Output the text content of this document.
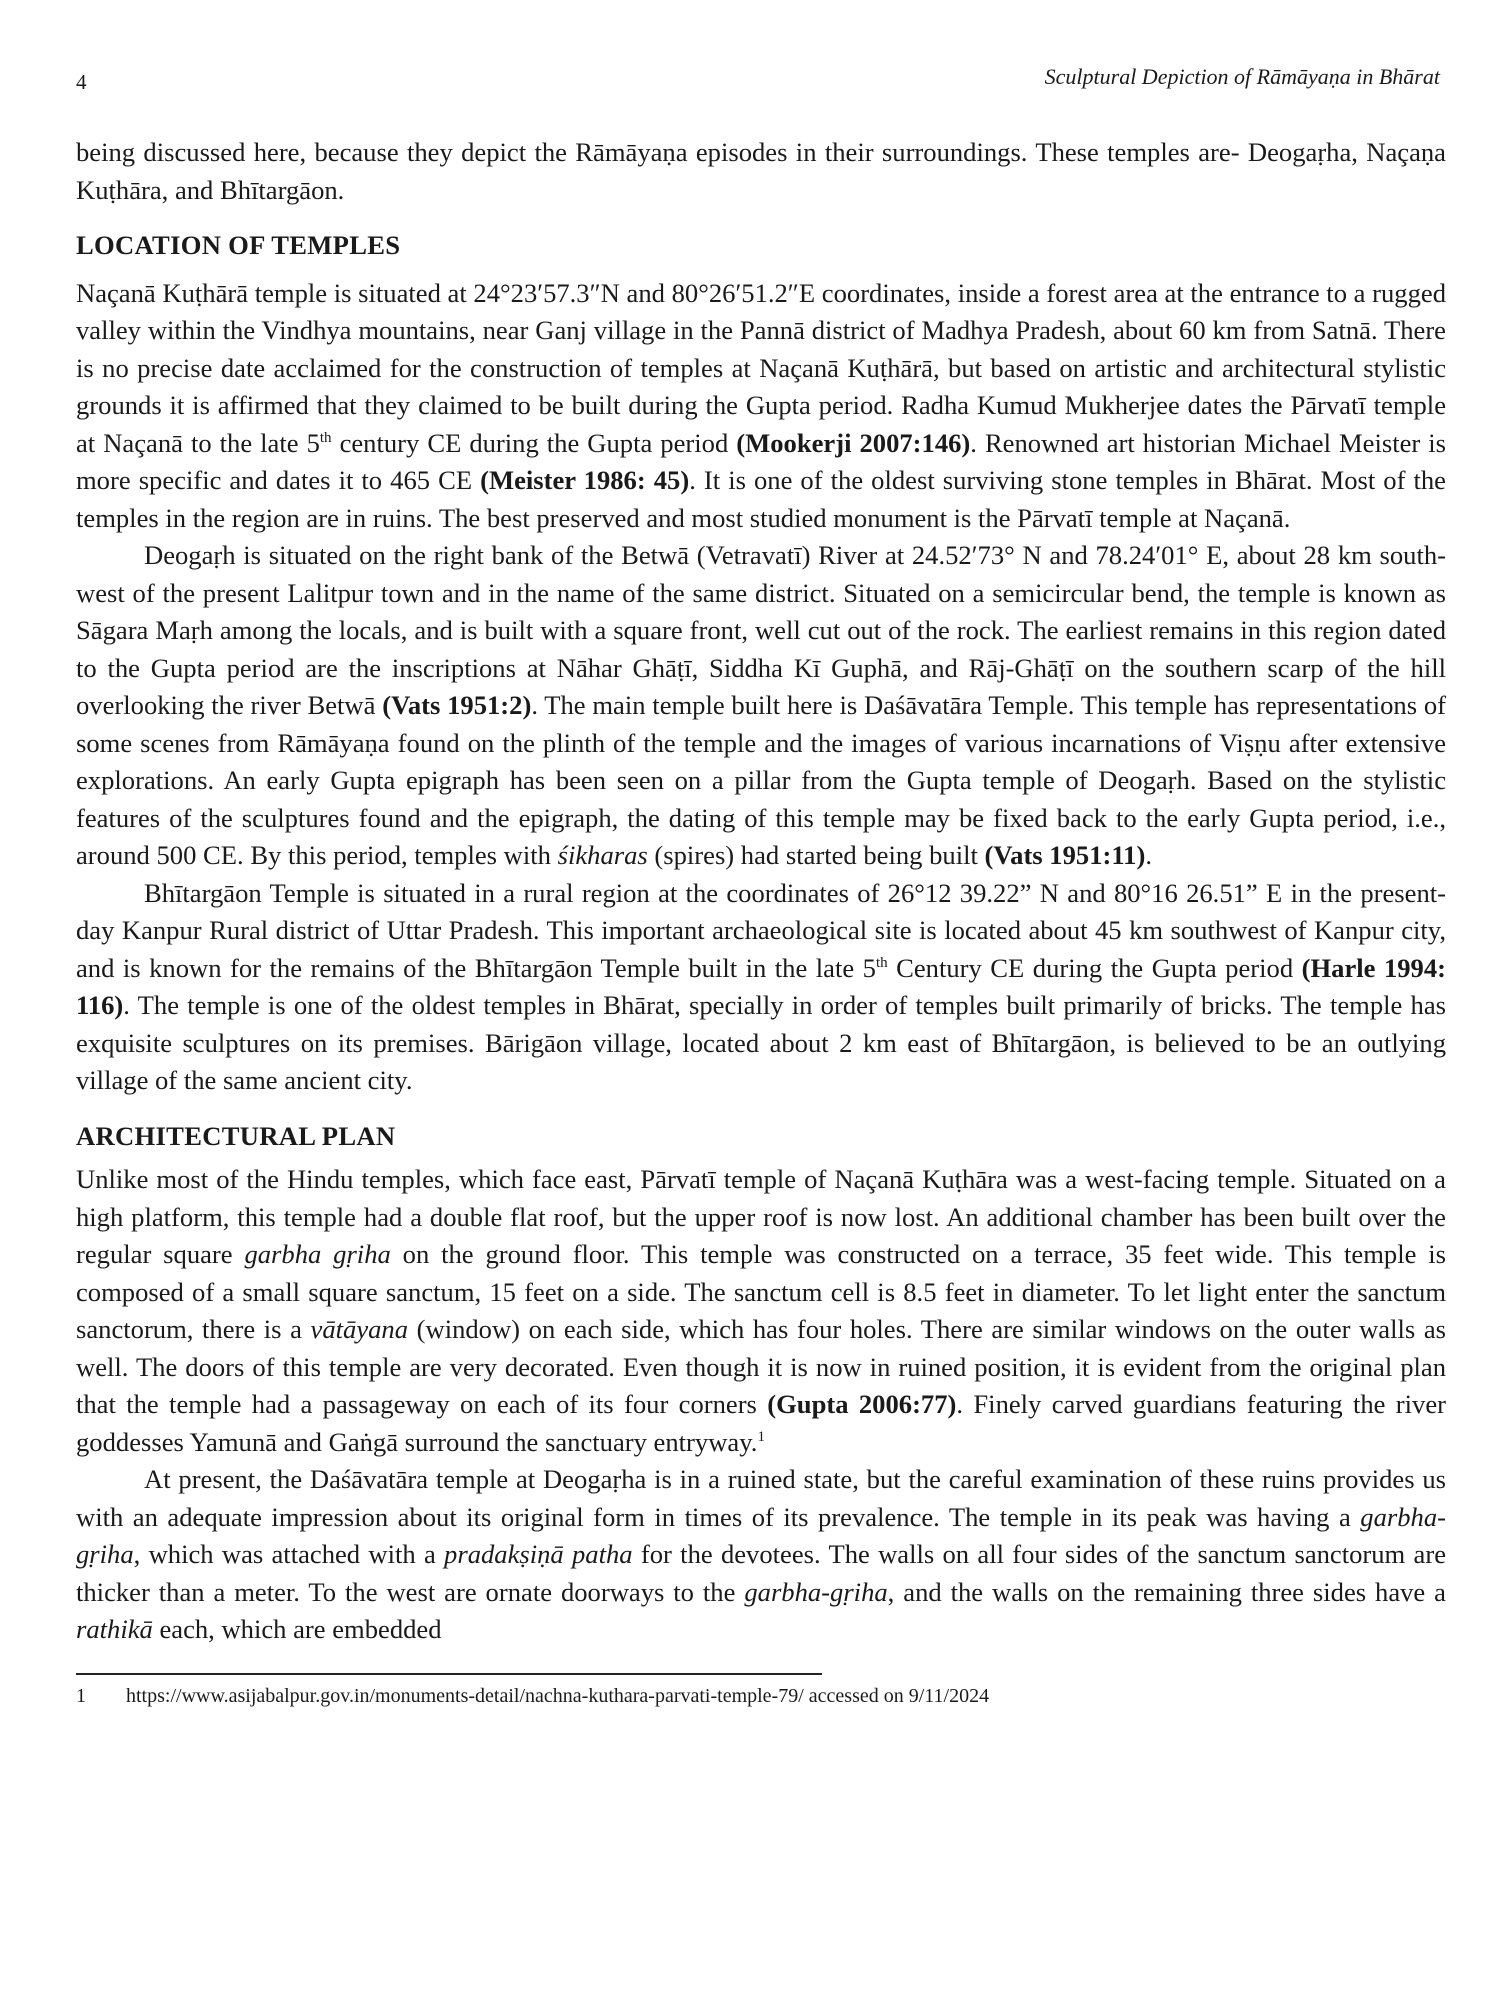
4	Sculptural Depiction of Rāmāyaṇa in Bhārat

being discussed here, because they depict the Rāmāyaṇa episodes in their surroundings. These temples are- Deogaṛha, Naçaṇa Kuṭhāra, and Bhītargāon.

LOCATION OF TEMPLES

Naçanā Kuṭhārā temple is situated at 24°23′57.3″N and 80°26′51.2″E coordinates, inside a forest area at the entrance to a rugged valley within the Vindhya mountains, near Ganj village in the Pannā district of Madhya Pradesh, about 60 km from Satnā. There is no precise date acclaimed for the construction of temples at Naçanā Kuṭhārā, but based on artistic and architectural stylistic grounds it is affirmed that they claimed to be built during the Gupta period. Radha Kumud Mukherjee dates the Pārvatī temple at Naçanā to the late 5th century CE during the Gupta period (Mookerji 2007:146). Renowned art historian Michael Meister is more specific and dates it to 465 CE (Meister 1986: 45). It is one of the oldest surviving stone temples in Bhārat. Most of the temples in the region are in ruins. The best preserved and most studied monument is the Pārvatī temple at Naçanā.

Deogaṛh is situated on the right bank of the Betwā (Vetravatī) River at 24.52′73° N and 78.24′01° E, about 28 km south-west of the present Lalitpur town and in the name of the same district. Situated on a semicircular bend, the temple is known as Sāgara Maṛh among the locals, and is built with a square front, well cut out of the rock. The earliest remains in this region dated to the Gupta period are the inscriptions at Nāhar Ghāṭī, Siddha Kī Guphā, and Rāj-Ghāṭī on the southern scarp of the hill overlooking the river Betwā (Vats 1951:2). The main temple built here is Daśāvatāra Temple. This temple has representations of some scenes from Rāmāyaṇa found on the plinth of the temple and the images of various incarnations of Viṣṇu after extensive explorations. An early Gupta epigraph has been seen on a pillar from the Gupta temple of Deogaṛh. Based on the stylistic features of the sculptures found and the epigraph, the dating of this temple may be fixed back to the early Gupta period, i.e., around 500 CE. By this period, temples with śikharas (spires) had started being built (Vats 1951:11).

Bhītargāon Temple is situated in a rural region at the coordinates of 26°12 39.22” N and 80°16 26.51” E in the present-day Kanpur Rural district of Uttar Pradesh. This important archaeological site is located about 45 km southwest of Kanpur city, and is known for the remains of the Bhītargāon Temple built in the late 5th Century CE during the Gupta period (Harle 1994: 116). The temple is one of the oldest temples in Bhārat, specially in order of temples built primarily of bricks. The temple has exquisite sculptures on its premises. Bārigāon village, located about 2 km east of Bhītargāon, is believed to be an outlying village of the same ancient city.

ARCHITECTURAL PLAN

Unlike most of the Hindu temples, which face east, Pārvatī temple of Naçanā Kuṭhāra was a west-facing temple. Situated on a high platform, this temple had a double flat roof, but the upper roof is now lost. An additional chamber has been built over the regular square garbha gṛiha on the ground floor. This temple was constructed on a terrace, 35 feet wide. This temple is composed of a small square sanctum, 15 feet on a side. The sanctum cell is 8.5 feet in diameter. To let light enter the sanctum sanctorum, there is a vātāyana (window) on each side, which has four holes. There are similar windows on the outer walls as well. The doors of this temple are very decorated. Even though it is now in ruined position, it is evident from the original plan that the temple had a passageway on each of its four corners (Gupta 2006:77). Finely carved guardians featuring the river goddesses Yamunā and Gaṅgā surround the sanctuary entryway.$^1$

At present, the Daśāvatāra temple at Deogaṛha is in a ruined state, but the careful examination of these ruins provides us with an adequate impression about its original form in times of its prevalence. The temple in its peak was having a garbha-gṛiha, which was attached with a pradakṣiṇā patha for the devotees. The walls on all four sides of the sanctum sanctorum are thicker than a meter. To the west are ornate doorways to the garbha-gṛiha, and the walls on the remaining three sides have a rathikā each, which are embedded

1 https://www.asijabalpur.gov.in/monuments-detail/nachna-kuthara-parvati-temple-79/ accessed on 9/11/2024
